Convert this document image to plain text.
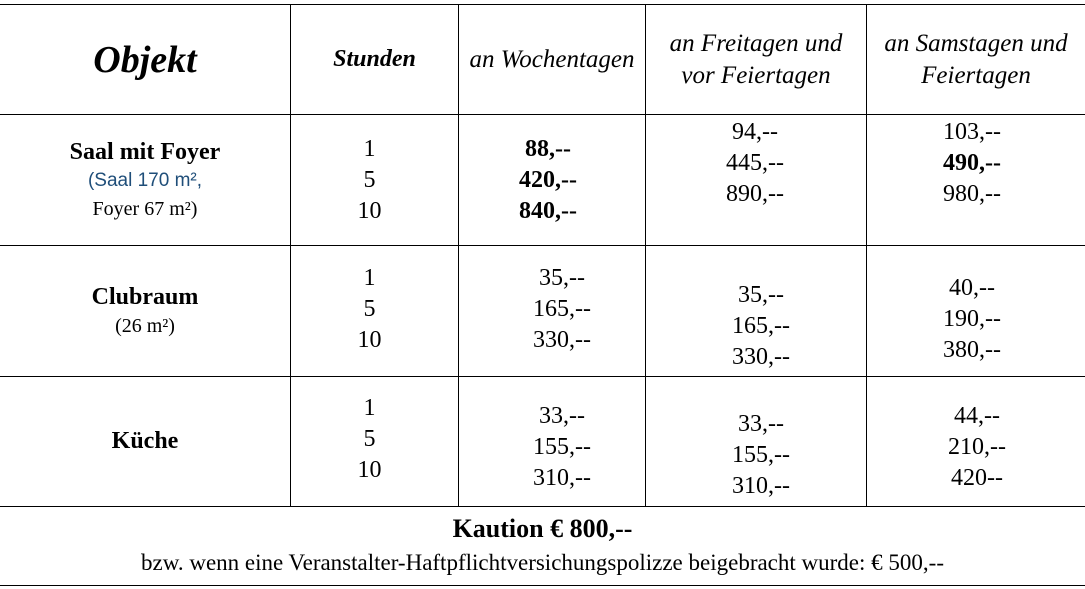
Objekt	Stunden an Wochentagen
an Freitagen und
vor Feiertagen
an Samstagen und
Feiertagen
Saal mit Foyer
(Saal 170 m²,
Foyer 67 m²)
1
5
10
88,--
420,--
840,--
94,--
445,--
890,--
103,--
490,--
980,--
Clubraum
(26 m²)
1
5
10
35,--
165,--
330,--
35,--
165,--
330,--
40,--
190,--
380,--
Küche
1
5
10
33,--
155,--
310,--
33,--
155,--
310,--
44,--
210,--
420--
Kaution € 800,--
bzw. wenn eine Veranstalter-Haftpflichtversichungspolizze beigebracht wurde: € 500,--
